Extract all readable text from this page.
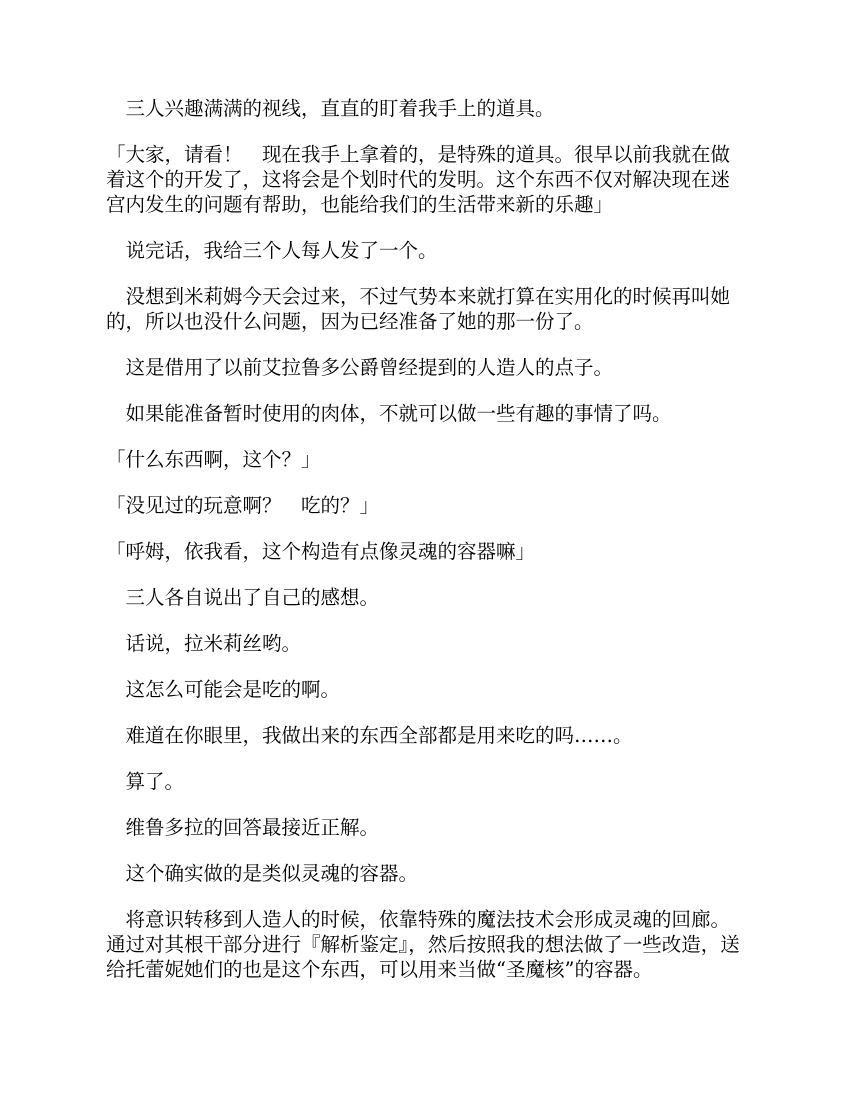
三人兴趣满满的视线，直直的盯着我手上的道具。

「大家，请看！　现在我手上拿着的，是特殊的道具。很早以前我就在做着这个的开发了，这将会是个划时代的发明。这个东西不仅对解决现在迷宫内发生的问题有帮助，也能给我们的生活带来新的乐趣」

说完话，我给三个人每人发了一个。

没想到米莉姆今天会过来，不过气势本来就打算在实用化的时候再叫她的，所以也没什么问题，因为已经准备了她的那一份了。

这是借用了以前艾拉鲁多公爵曾经提到的人造人的点子。

如果能准备暂时使用的肉体，不就可以做一些有趣的事情了吗。

「什么东西啊，这个？」

「没见过的玩意啊？　吃的？」

「呼姆，依我看，这个构造有点像灵魂的容器嘛」

三人各自说出了自己的感想。

话说，拉米莉丝哟。

这怎么可能会是吃的啊。

难道在你眼里，我做出来的东西全部都是用来吃的吗……。

算了。

维鲁多拉的回答最接近正解。

这个确实做的是类似灵魂的容器。

将意识转移到人造人的时候，依靠特殊的魔法技术会形成灵魂的回廊。通过对其根干部分进行『解析鉴定』，然后按照我的想法做了一些改造，送给托蕾妮她们的也是这个东西，可以用来当做“圣魔核”的容器。
